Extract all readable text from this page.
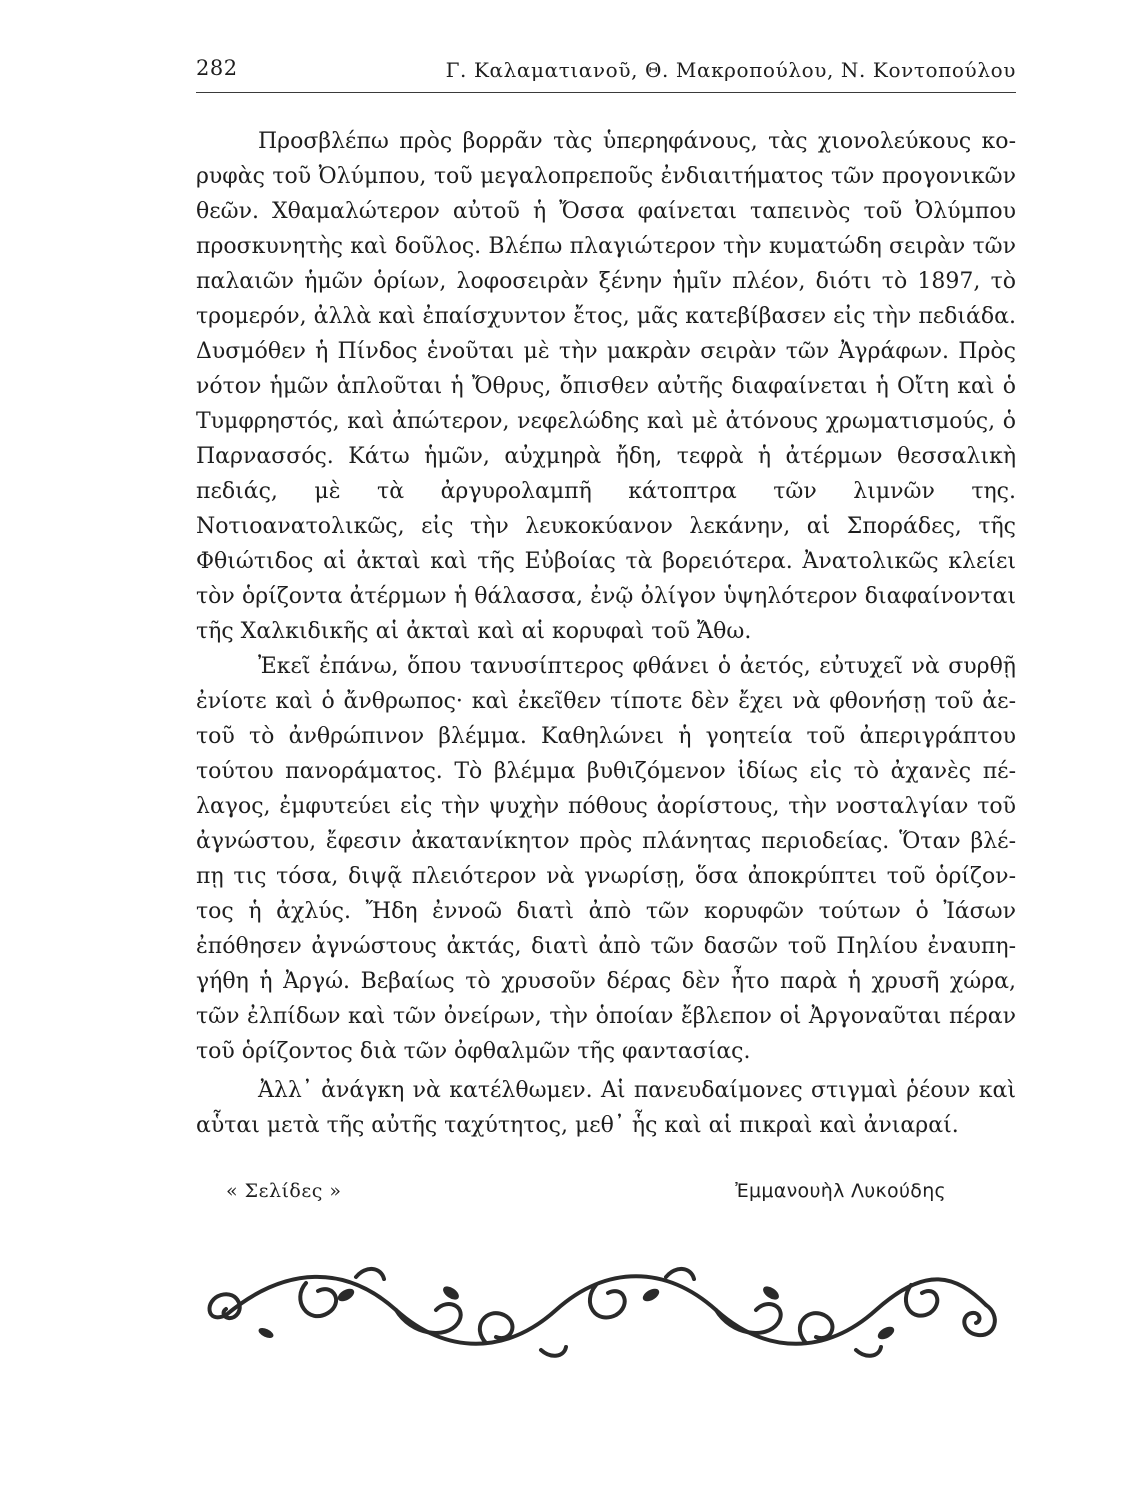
282	Γ. Καλαματιανοῦ, Θ. Μακροπούλου, Ν. Κοντοπούλου

Προσβλέπω πρὸς βορρᾶν τὰς ὑπερηφάνους, τὰς χιονολεύκους κορυφὰς τοῦ Ὀλύμπου, τοῦ μεγαλοπρεποῦς ἐνδιαιτήματος τῶν προγονικῶν θεῶν. Χθαμαλώτερον αὐτοῦ ἡ Ὄσσα φαίνεται ταπεινὸς τοῦ Ὀλύμπου προσκυνητὴς καὶ δοῦλος. Βλέπω πλαγιώτερον τὴν κυματώδη σειρὰν τῶν παλαιῶν ἡμῶν ὁρίων, λοφοσειρὰν ξένην ἡμῖν πλέον, διότι τὸ 1897, τὸ τρομερόν, ἀλλὰ καὶ ἐπαίσχυντον ἔτος, μᾶς κατεβίβασεν εἰς τὴν πεδιάδα. Δυσμόθεν ἡ Πίνδος ἑνοῦται μὲ τὴν μακρὰν σειρὰν τῶν Ἀγράφων. Πρὸς νότον ἡμῶν ἁπλοῦται ἡ Ὄθρυς, ὄπισθεν αὐτῆς διαφαίνεται ἡ Οἴτη καὶ ὁ Τυμφρηστός, καὶ ἀπώτερον, νεφελώδης καὶ μὲ ἀτόνους χρωματισμούς, ὁ Παρνασσός. Κάτω ἡμῶν, αὐχμηρὰ ἤδη, τεφρὰ ἡ ἀτέρμων θεσσαλικὴ πεδιάς, μὲ τὰ ἀργυρολαμπῆ κάτοπτρα τῶν λιμνῶν της. Νοτιοανατολικῶς, εἰς τὴν λευκοκύανον λεκάνην, αἱ Σποράδες, τῆς Φθιώτιδος αἱ ἀκταὶ καὶ τῆς Εὐβοίας τὰ βορειότερα. Ἀνατολικῶς κλείει τὸν ὁρίζοντα ἀτέρμων ἡ θάλασσα, ἐνῷ ὀλίγον ὑψηλότερον διαφαίνονται τῆς Χαλκιδικῆς αἱ ἀκταὶ καὶ αἱ κορυφαὶ τοῦ Ἄθω.

Ἐκεῖ ἐπάνω, ὅπου τανυσίπτερος φθάνει ὁ ἀετός, εὐτυχεῖ νὰ συρθῇ ἐνίοτε καὶ ὁ ἄνθρωπος· καὶ ἐκεῖθεν τίποτε δὲν ἔχει νὰ φθονήσῃ τοῦ ἀετοῦ τὸ ἀνθρώπινον βλέμμα. Καθηλώνει ἡ γοητεία τοῦ ἀπεριγράπτου τούτου πανοράματος. Τὸ βλέμμα βυθιζόμενον ἰδίως εἰς τὸ ἀχανὲς πέλαγος, ἐμφυτεύει εἰς τὴν ψυχὴν πόθους ἀορίστους, τὴν νοσταλγίαν τοῦ ἀγνώστου, ἔφεσιν ἀκατανίκητον πρὸς πλάνητας περιοδείας. Ὅταν βλέπῃ τις τόσα, διψᾷ πλειότερον νὰ γνωρίσῃ, ὅσα ἀποκρύπτει τοῦ ὁρίζοντος ἡ ἀχλύς. Ἤδη ἐννοῶ διατὶ ἀπὸ τῶν κορυφῶν τούτων ὁ Ἰάσων ἐπόθησεν ἀγνώστους ἀκτάς, διατὶ ἀπὸ τῶν δασῶν τοῦ Πηλίου ἐναυπηγήθη ἡ Ἀργώ. Βεβαίως τὸ χρυσοῦν δέρας δὲν ἦτο παρὰ ἡ χρυσῆ χώρα, τῶν ἐλπίδων καὶ τῶν ὀνείρων, τὴν ὁποίαν ἔβλεπον οἱ Ἀργοναῦται πέραν τοῦ ὁρίζοντος διὰ τῶν ὀφθαλμῶν τῆς φαντασίας.

Ἀλλ᾽ ἀνάγκη νὰ κατέλθωμεν. Αἱ πανευδαίμονες στιγμαὶ ῥέουν καὶ αὗται μετὰ τῆς αὐτῆς ταχύτητος, μεθ᾽ ἧς καὶ αἱ πικραὶ καὶ ἀνιαραί.

« Σελίδες »	Ἐμμανουὴλ Λυκούδης
